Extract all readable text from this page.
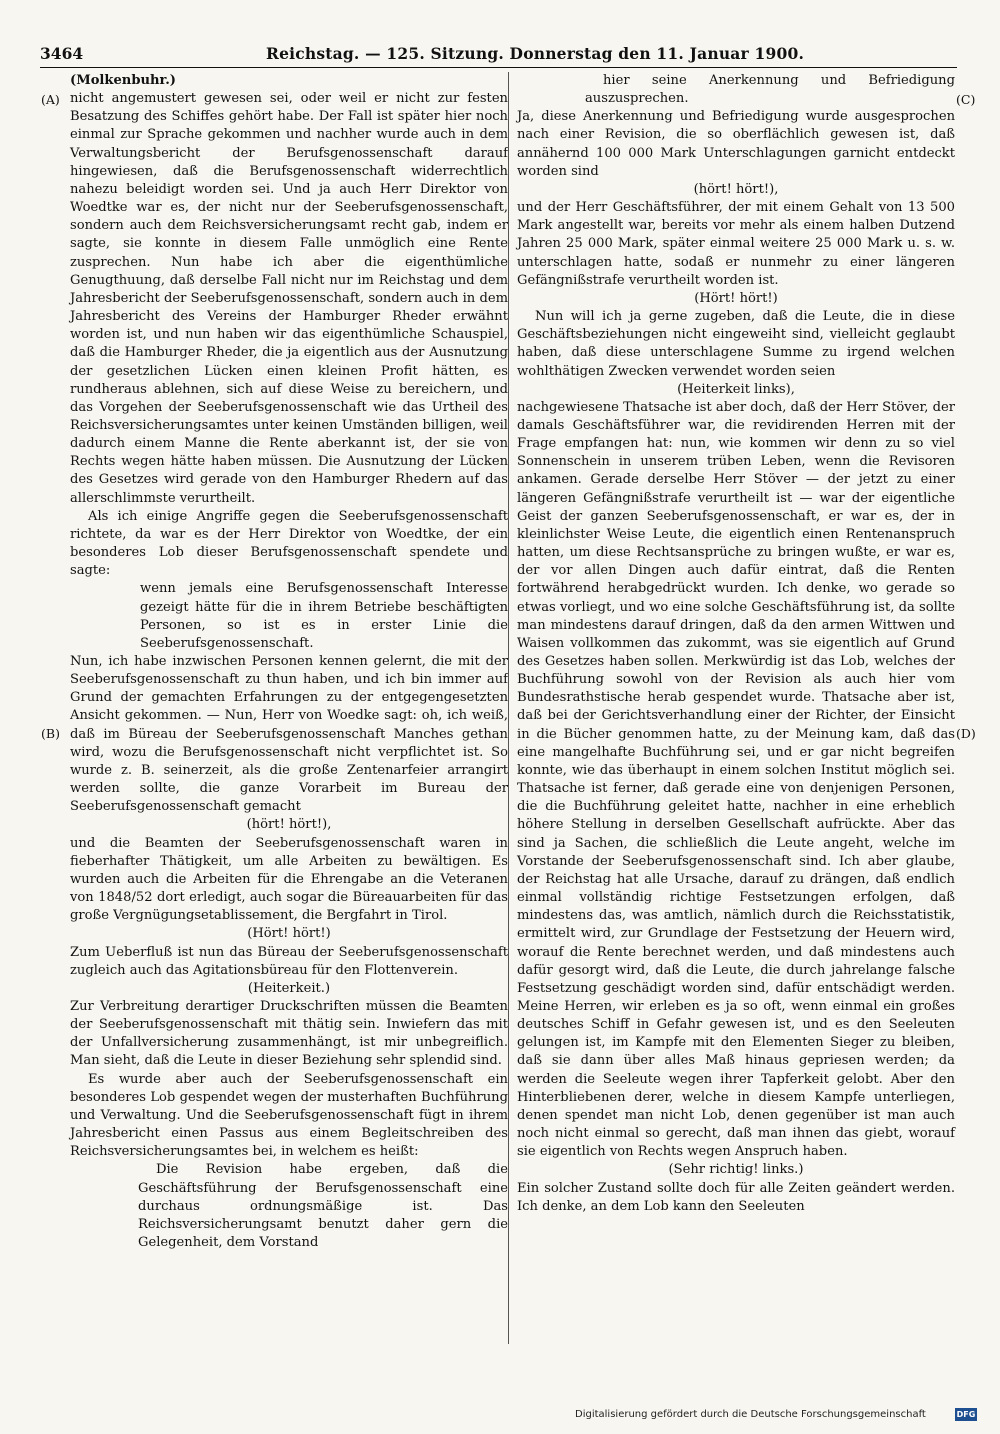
3464	Reichstag. — 125. Sitzung. Donnerstag den 11. Januar 1900.
(A)
(B)
(C)
(D)

(Molkenbuhr.)

nicht angemustert gewesen sei, oder weil er nicht zur festen Besatzung des Schiffes gehört habe. Der Fall ist später hier noch einmal zur Sprache gekommen und nachher wurde auch in dem Verwaltungsbericht der Berufsgenossenschaft darauf hingewiesen, daß die Berufsgenossenschaft widerrechtlich nahezu beleidigt worden sei. Und ja auch Herr Direktor von Woedtke war es, der nicht nur der Seeberufsgenossenschaft, sondern auch dem Reichsversicherungsamt recht gab, indem er sagte, sie konnte in diesem Falle unmöglich eine Rente zusprechen. Nun habe ich aber die eigenthümliche Genugthuung, daß derselbe Fall nicht nur im Reichstag und dem Jahresbericht der Seeberufsgenossenschaft, sondern auch in dem Jahresbericht des Vereins der Hamburger Rheder erwähnt worden ist, und nun haben wir das eigenthümliche Schauspiel, daß die Hamburger Rheder, die ja eigentlich aus der Ausnutzung der gesetzlichen Lücken einen kleinen Profit hätten, es rundheraus ablehnen, sich auf diese Weise zu bereichern, und das Vorgehen der Seeberufsgenossenschaft wie das Urtheil des Reichsversicherungsamtes unter keinen Umständen billigen, weil dadurch einem Manne die Rente aberkannt ist, der sie von Rechts wegen hätte haben müssen. Die Ausnutzung der Lücken des Gesetzes wird gerade von den Hamburger Rhedern auf das allerschlimmste verurtheilt.

Als ich einige Angriffe gegen die Seeberufsgenossenschaft richtete, da war es der Herr Direktor von Woedtke, der ein besonderes Lob dieser Berufsgenossenschaft spendete und sagte:

wenn jemals eine Berufsgenossenschaft Interesse gezeigt hätte für die in ihrem Betriebe beschäftigten Personen, so ist es in erster Linie die Seeberufsgenossenschaft.

Nun, ich habe inzwischen Personen kennen gelernt, die mit der Seeberufsgenossenschaft zu thun haben, und ich bin immer auf Grund der gemachten Erfahrungen zu der entgegengesetzten Ansicht gekommen. — Nun, Herr von Woedke sagt: oh, ich weiß, daß im Büreau der Seeberufsgenossenschaft Manches gethan wird, wozu die Berufsgenossenschaft nicht verpflichtet ist. So wurde z. B. seinerzeit, als die große Zentenarfeier arrangirt werden sollte, die ganze Vorarbeit im Bureau der Seeberufsgenossenschaft gemacht

(hört! hört!),

und die Beamten der Seeberufsgenossenschaft waren in fieberhafter Thätigkeit, um alle Arbeiten zu bewältigen. Es wurden auch die Arbeiten für die Ehrengabe an die Veteranen von 1848/52 dort erledigt, auch sogar die Büreauarbeiten für das große Vergnügungsetablissement, die Bergfahrt in Tirol.

(Hört! hört!)

Zum Ueberfluß ist nun das Büreau der Seeberufsgenossenschaft zugleich auch das Agitationsbüreau für den Flottenverein.

(Heiterkeit.)

Zur Verbreitung derartiger Druckschriften müssen die Beamten der Seeberufsgenossenschaft mit thätig sein. Inwiefern das mit der Unfallversicherung zusammenhängt, ist mir unbegreiflich. Man sieht, daß die Leute in dieser Beziehung sehr splendid sind.

Es wurde aber auch der Seeberufsgenossenschaft ein besonderes Lob gespendet wegen der musterhaften Buchführung und Verwaltung. Und die Seeberufsgenossenschaft fügt in ihrem Jahresbericht einen Passus aus einem Begleitschreiben des Reichsversicherungsamtes bei, in welchem es heißt:

Die Revision habe ergeben, daß die Geschäftsführung der Berufsgenossenschaft eine durchaus ordnungsmäßige ist. Das Reichsversicherungsamt benutzt daher gern die Gelegenheit, dem Vorstand

hier seine Anerkennung und Befriedigung auszusprechen.

Ja, diese Anerkennung und Befriedigung wurde ausgesprochen nach einer Revision, die so oberflächlich gewesen ist, daß annähernd 100 000 Mark Unterschlagungen garnicht entdeckt worden sind

(hört! hört!),

und der Herr Geschäftsführer, der mit einem Gehalt von 13 500 Mark angestellt war, bereits vor mehr als einem halben Dutzend Jahren 25 000 Mark, später einmal weitere 25 000 Mark u. s. w. unterschlagen hatte, sodaß er nunmehr zu einer längeren Gefängnißstrafe verurtheilt worden ist.

(Hört! hört!)

Nun will ich ja gerne zugeben, daß die Leute, die in diese Geschäftsbeziehungen nicht eingeweiht sind, vielleicht geglaubt haben, daß diese unterschlagene Summe zu irgend welchen wohlthätigen Zwecken verwendet worden seien

(Heiterkeit links),

nachgewiesene Thatsache ist aber doch, daß der Herr Stöver, der damals Geschäftsführer war, die revidirenden Herren mit der Frage empfangen hat: nun, wie kommen wir denn zu so viel Sonnenschein in unserem trüben Leben, wenn die Revisoren ankamen. Gerade derselbe Herr Stöver — der jetzt zu einer längeren Gefängnißstrafe verurtheilt ist — war der eigentliche Geist der ganzen Seeberufsgenossenschaft, er war es, der in kleinlichster Weise Leute, die eigentlich einen Rentenanspruch hatten, um diese Rechtsansprüche zu bringen wußte, er war es, der vor allen Dingen auch dafür eintrat, daß die Renten fortwährend herabgedrückt wurden. Ich denke, wo gerade so etwas vorliegt, und wo eine solche Geschäftsführung ist, da sollte man mindestens darauf dringen, daß da den armen Wittwen und Waisen vollkommen das zukommt, was sie eigentlich auf Grund des Gesetzes haben sollen. Merkwürdig ist das Lob, welches der Buchführung sowohl von der Revision als auch hier vom Bundesrathstische herab gespendet wurde. Thatsache aber ist, daß bei der Gerichtsverhandlung einer der Richter, der Einsicht in die Bücher genommen hatte, zu der Meinung kam, daß das eine mangelhafte Buchführung sei, und er gar nicht begreifen konnte, wie das überhaupt in einem solchen Institut möglich sei. Thatsache ist ferner, daß gerade eine von denjenigen Personen, die die Buchführung geleitet hatte, nachher in eine erheblich höhere Stellung in derselben Gesellschaft aufrückte. Aber das sind ja Sachen, die schließlich die Leute angeht, welche im Vorstande der Seeberufsgenossenschaft sind. Ich aber glaube, der Reichstag hat alle Ursache, darauf zu drängen, daß endlich einmal vollständig richtige Festsetzungen erfolgen, daß mindestens das, was amtlich, nämlich durch die Reichsstatistik, ermittelt wird, zur Grundlage der Festsetzung der Heuern wird, worauf die Rente berechnet werden, und daß mindestens auch dafür gesorgt wird, daß die Leute, die durch jahrelange falsche Festsetzung geschädigt worden sind, dafür entschädigt werden. Meine Herren, wir erleben es ja so oft, wenn einmal ein großes deutsches Schiff in Gefahr gewesen ist, und es den Seeleuten gelungen ist, im Kampfe mit den Elementen Sieger zu bleiben, daß sie dann über alles Maß hinaus gepriesen werden; da werden die Seeleute wegen ihrer Tapferkeit gelobt. Aber den Hinterbliebenen derer, welche in diesem Kampfe unterliegen, denen spendet man nicht Lob, denen gegenüber ist man auch noch nicht einmal so gerecht, daß man ihnen das giebt, worauf sie eigentlich von Rechts wegen Anspruch haben.

(Sehr richtig! links.)

Ein solcher Zustand sollte doch für alle Zeiten geändert werden. Ich denke, an dem Lob kann den Seeleuten

Digitalisierung gefördert durch die Deutsche Forschungsgemeinschaft	DFG
